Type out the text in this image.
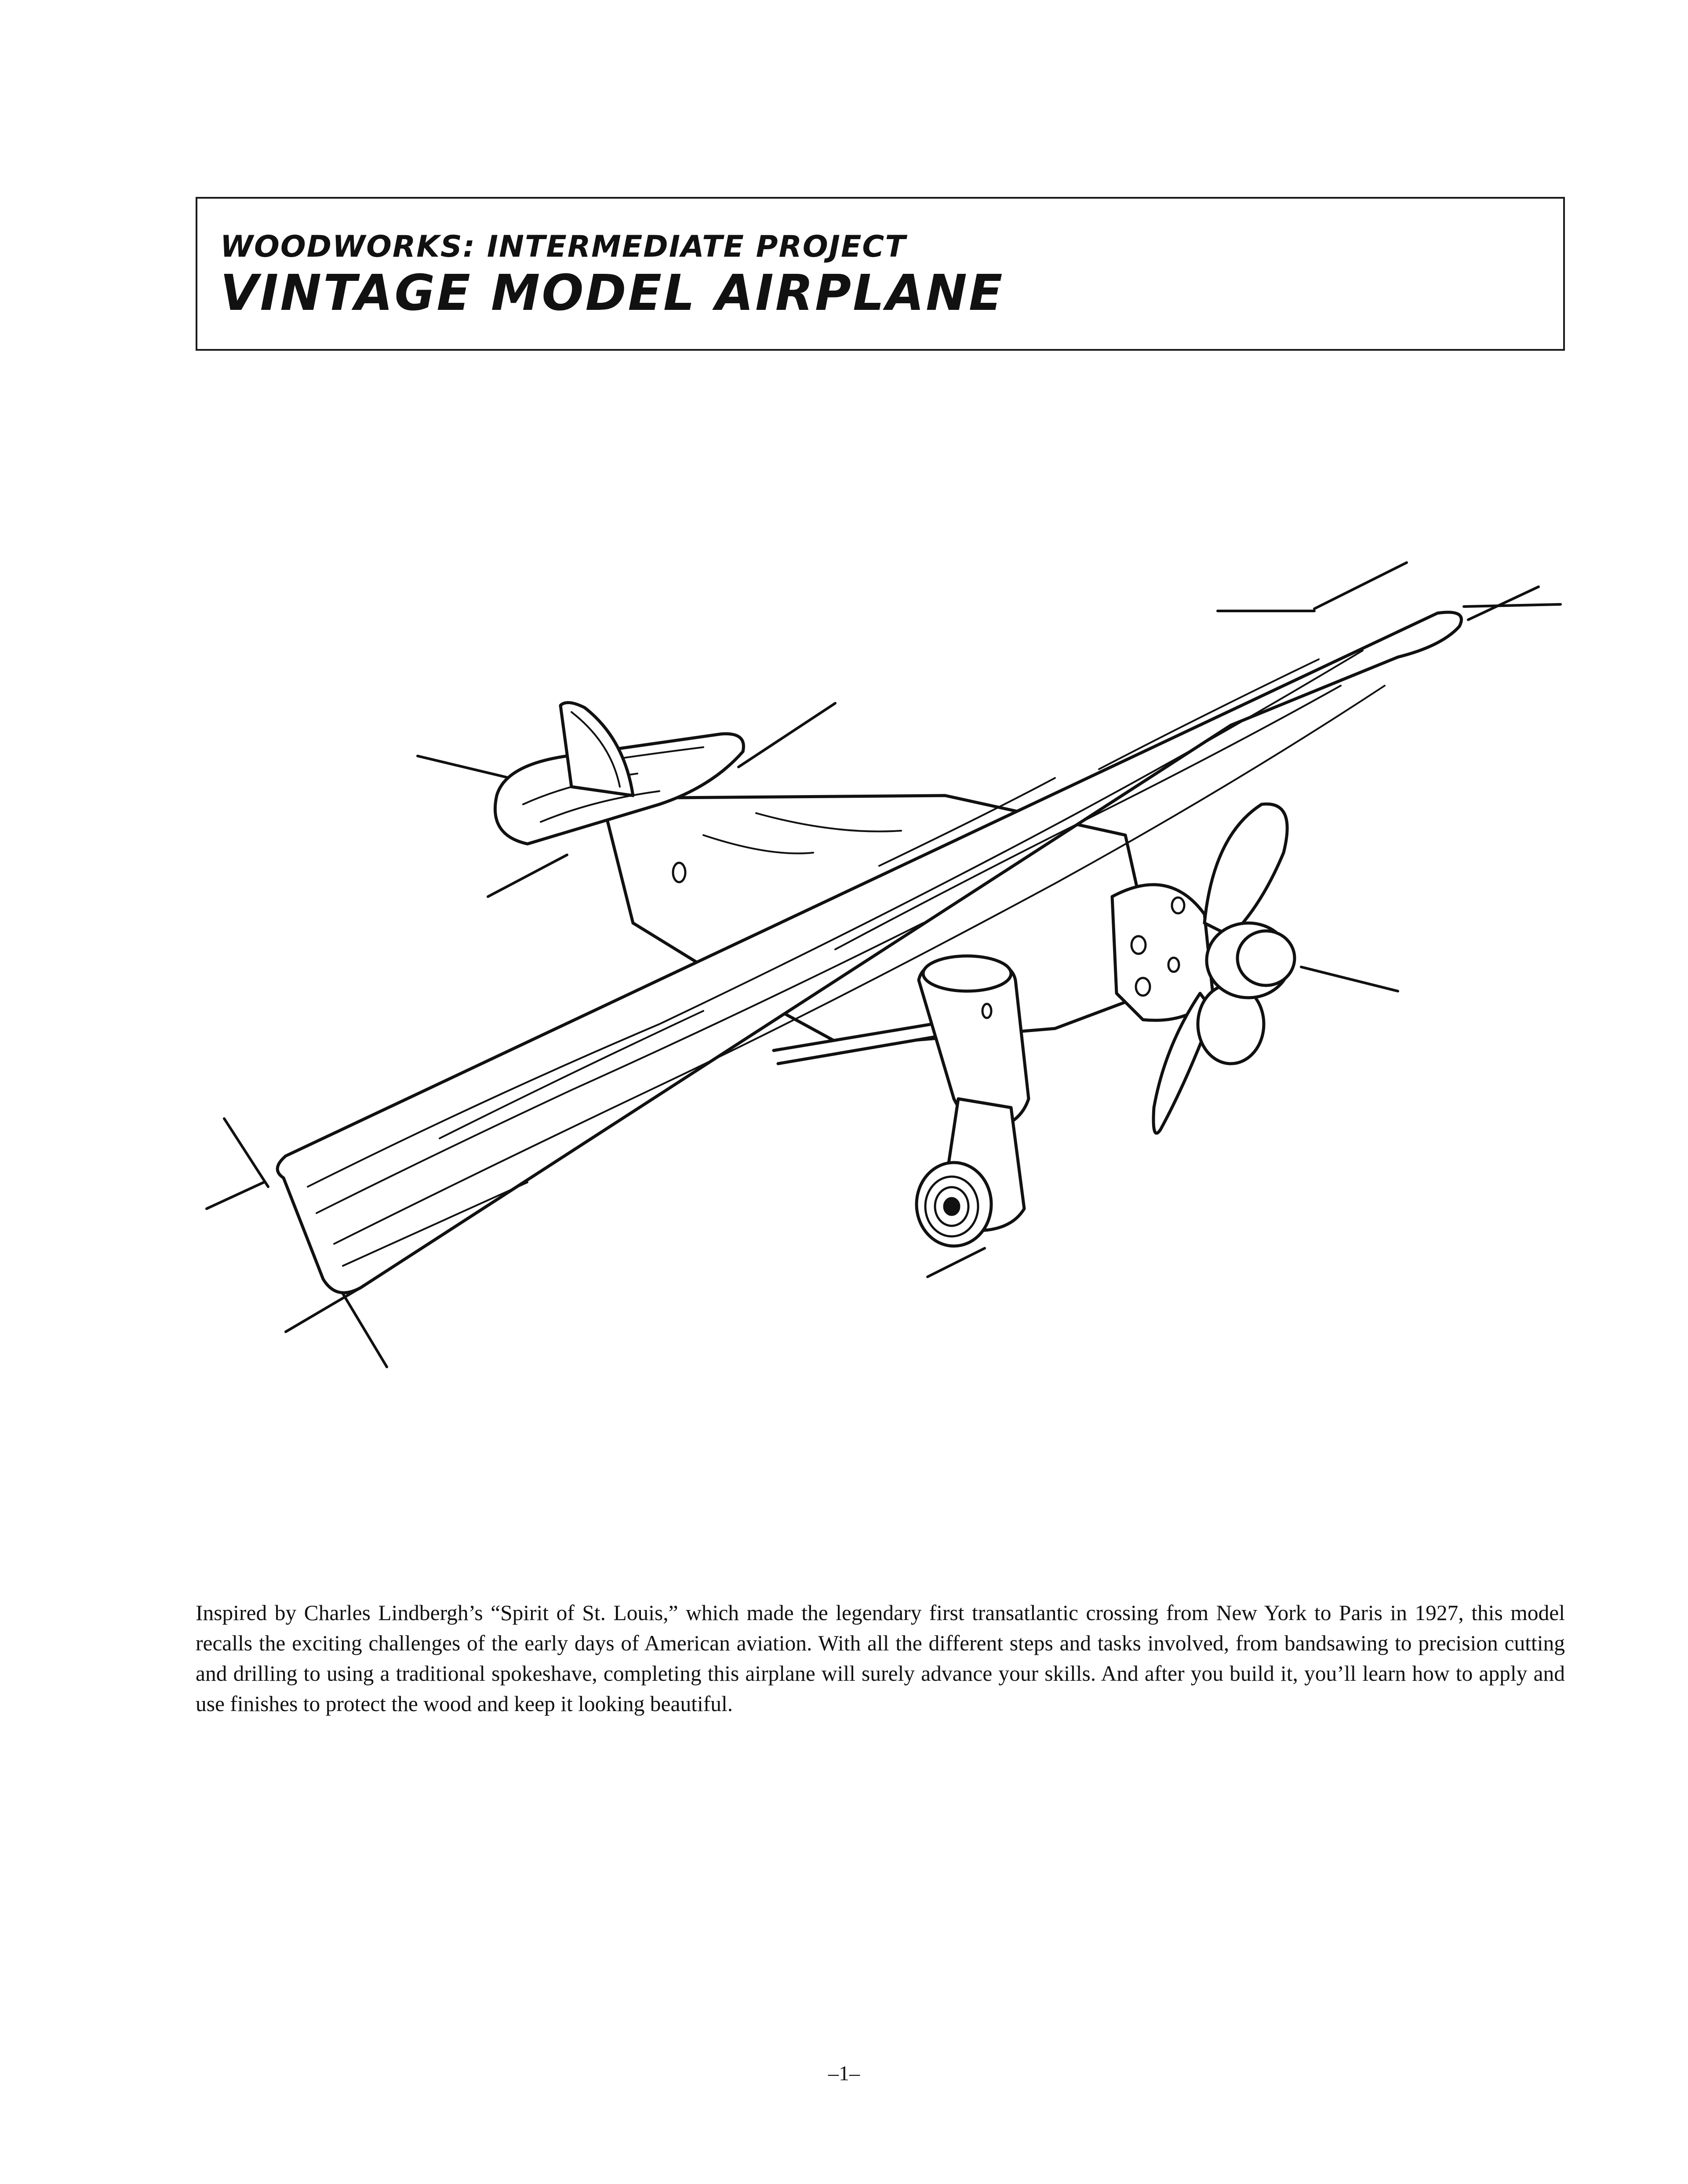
WOODWORKS: INTERMEDIATE PROJECT
VINTAGE MODEL AIRPLANE

Inspired by Charles Lindbergh’s “Spirit of St. Louis,” which made the legendary first transatlantic crossing from New York to Paris in 1927, this model recalls the exciting challenges of the early days of American aviation. With all the different steps and tasks involved, from bandsawing to precision cutting and drilling to using a traditional spokeshave, completing this airplane will surely advance your skills. And after you build it, you’ll learn how to apply and use finishes to protect the wood and keep it looking beautiful.

–1–
